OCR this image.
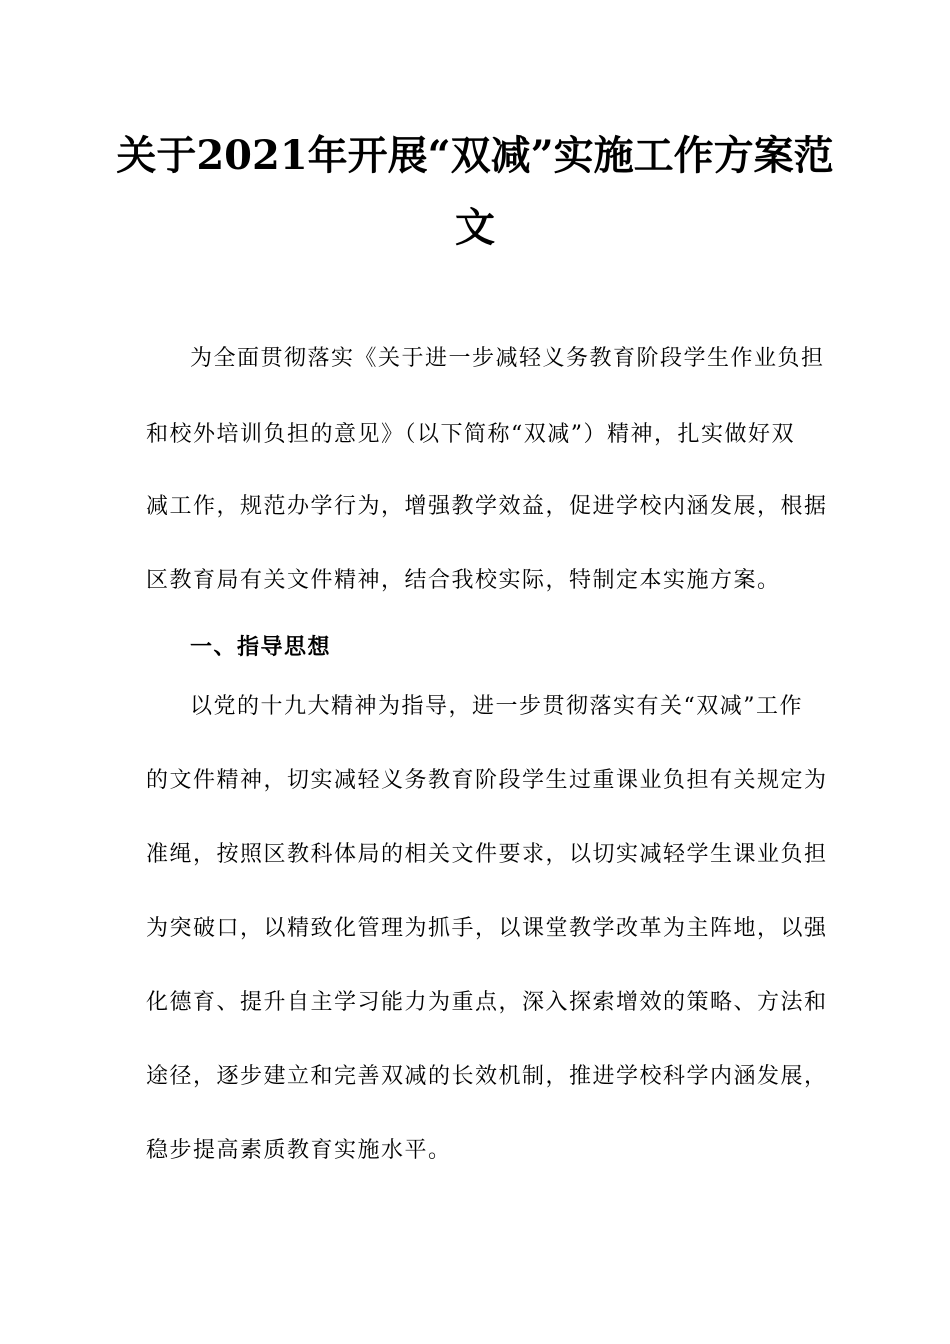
关于2021年开展“双减”实施工作方案范
文
为全面贯彻落实《关于进一步减轻义务教育阶段学生作业负担
和校外培训负担的意见》（以下简称“双减”）精神，扎实做好双
减工作，规范办学行为，增强教学效益，促进学校内涵发展，根据
区教育局有关文件精神，结合我校实际，特制定本实施方案。
一、指导思想
以党的十九大精神为指导，进一步贯彻落实有关“双减”工作
的文件精神，切实减轻义务教育阶段学生过重课业负担有关规定为
准绳，按照区教科体局的相关文件要求，以切实减轻学生课业负担
为突破口，以精致化管理为抓手，以课堂教学改革为主阵地，以强
化德育、提升自主学习能力为重点，深入探索增效的策略、方法和
途径，逐步建立和完善双减的长效机制，推进学校科学内涵发展，
稳步提高素质教育实施水平。
